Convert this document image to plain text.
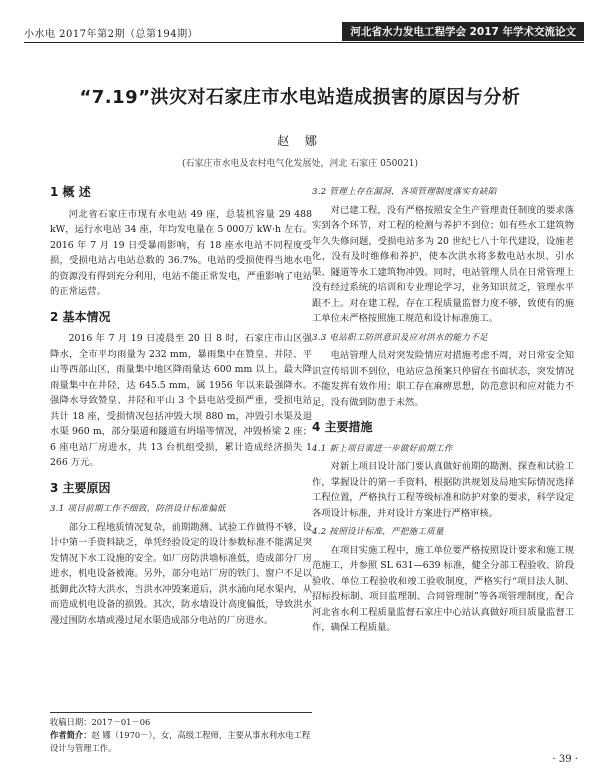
小水电 2017年第2期（总第194期）	河北省水力发电工程学会 2017 年学术交流论文
“7.19”洪灾对石家庄市水电站造成损害的原因与分析
赵 娜
(石家庄市水电及农村电气化发展处，河北 石家庄 050021)
1 概 述

河北省石家庄市现有水电站 49 座，总装机容量 29 488 kW，运行水电站 34 座，年均发电量在 5 000万 kW·h 左右。2016 年 7 月 19 日受暴雨影响，有 18 座水电站不同程度受损，受损电站占电站总数的 36.7%。电站的受损使得当地水电的资源没有得到充分利用，电站不能正常发电，严重影响了电站的正常运营。

2 基本情况

2016 年 7 月 19 日凌晨至 20 日 8 时，石家庄市山区强降水，全市平均雨量为 232 mm，暴雨集中在赞皇、井陉、平山等西部山区，雨量集中地区降雨量达 600 mm 以上，最大降雨量集中在井陉，达 645.5 mm，属 1956 年以来最强降水。强降水导致赞皇、井陉和平山 3 个县电站受损严重，受损电站共计 18 座，受损情况包括冲毁大坝 880 m，冲毁引水渠及退水渠 960 m，部分渠道和隧道有坍塌等情况，冲毁桥梁 2 座；6 座电站厂房进水，共 13 台机组受损，累计造成经济损失 1 266 万元。

3 主要原因
3.1 项目前期工作不细致，防洪设计标准偏低

部分工程地质情况复杂，前期勘测、试验工作做得不够，设计中第一手资料缺乏，单凭经验设定的设计参数标准不能满足突发情况下水工设施的安全。如厂房防洪墙标准低，造成部分厂房进水，机电设备被淹。另外，部分电站厂房的铁门、窗户不足以抵御此次特大洪水，当洪水冲毁案道后，洪水涌向尾水渠内，从而造成机电设备的损毁。其次，防水墙设计高度偏低，导致洪水漫过围防水墙或漫过尾水渠造成部分电站的厂房进水。

3.2 管理上存在漏洞，各项管理制度落实有缺陷

对已建工程，没有严格按照安全生产管理责任制度的要求落实到各个环节，对工程的检测与养护不到位；如有些水工建筑物年久失修问题，受损电站多为 20 世纪七八十年代建设，设施老化，没有及时维修和养护，使本次洪水将多数电站水坝、引水渠、隧道等水工建筑物冲毁。同时，电站管理人员在日常管理上没有经过系统的培训和专业理论学习，业务知识贫乏，管理水平跟不上。对在建工程，存在工程质量监督力度不够，致使有的施工单位未严格按照施工规范和设计标准施工。

3.3 电站职工防洪意识及应对洪水的能力不足

电站管理人员对突发险情应对措施考虑不周，对日常安全知识宣传培训不到位，电站应急预案只停留在书面状态，突发情况不能发挥有效作用；职工存在麻痹思想，防范意识和应对能力不足，没有做到防患于未然。

4 主要措施
4.1 新上项目需进一步做好前期工作

对新上项目设计部门要认真做好前期的勘测、探查和试验工作，掌握设计的第一手资料，根据防洪规划及局地实际情况选择工程位置，严格执行工程等级标准和防护对象的要求，科学设定各项设计标准，并对设计方案进行严格审核。

4.2 按照设计标准，严把施工质量

在项目实施工程中，施工单位要严格按照设计要求和施工规范施工，并参照 SL 631—639 标准，健全分部工程验收、阶段验收、单位工程验收和竣工验收制度，严格实行“项目法人制、招标投标制、项目监理制、合同管理制”等各项管理制度，配合河北省水利工程质量监督石家庄中心站认真做好项目质量监督工作，确保工程质量。

收稿日期：2017－01－06
作者简介：赵 娜（1970－），女，高级工程师，主要从事水利水电工程设计与管理工作。
· 39 ·
